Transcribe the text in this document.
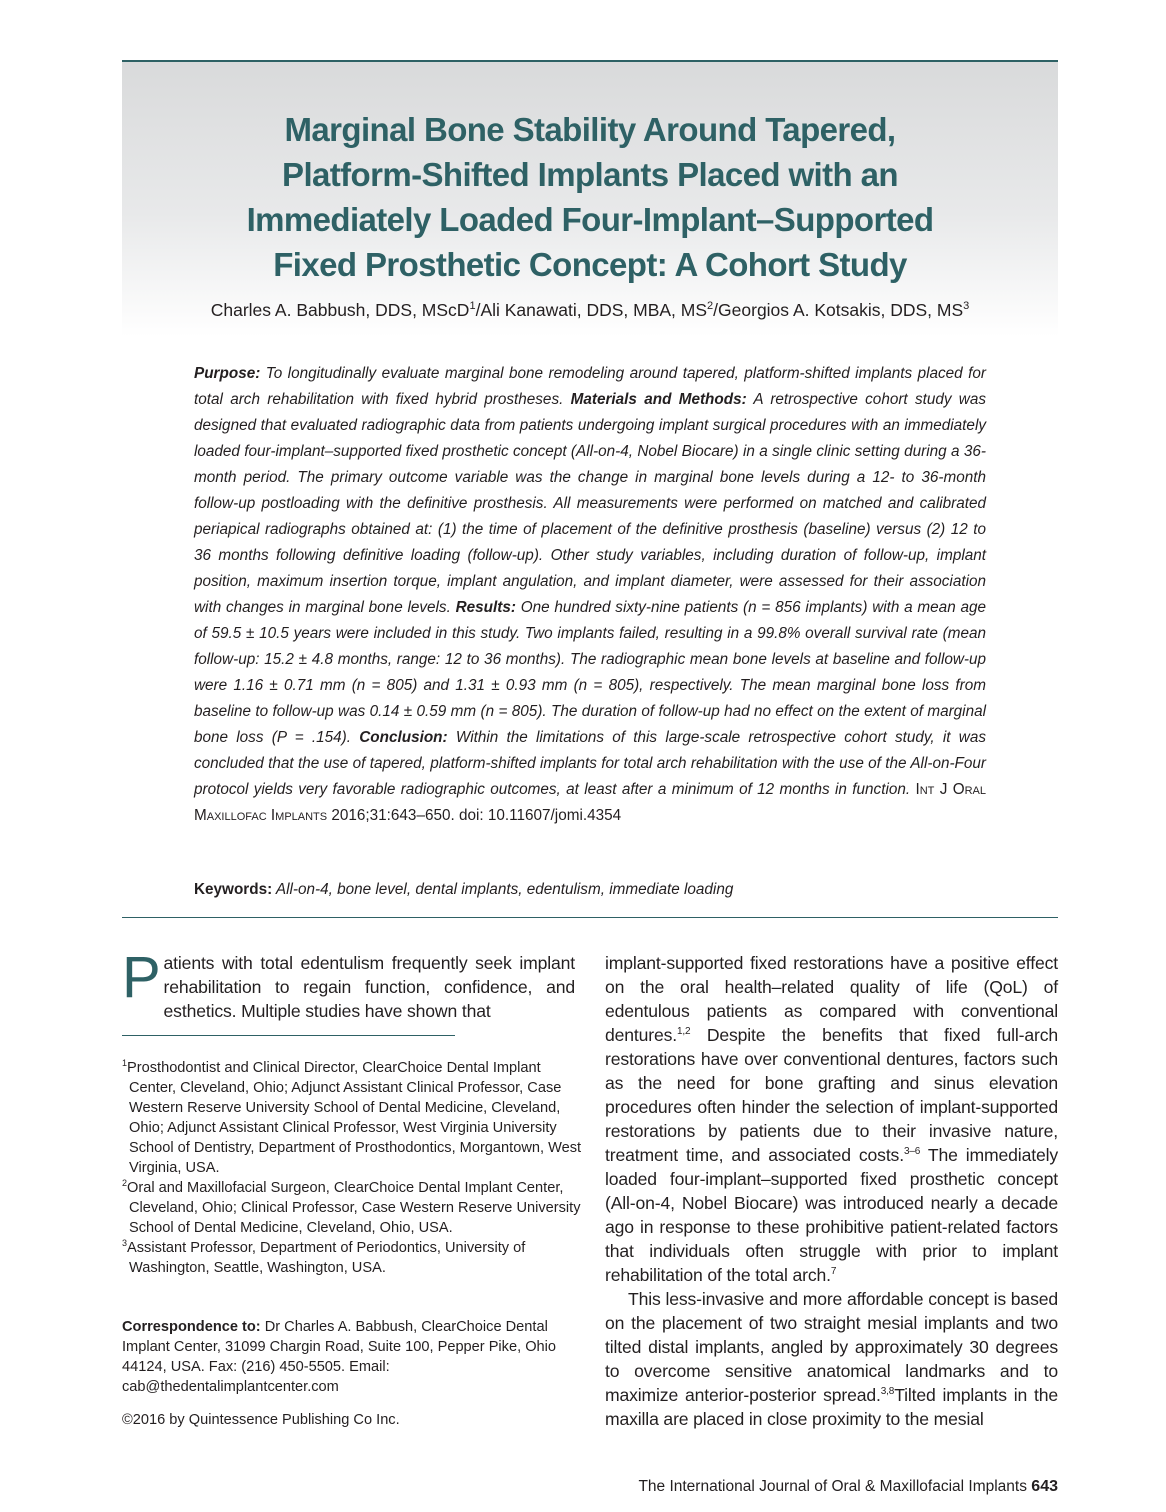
Marginal Bone Stability Around Tapered,
Platform-Shifted Implants Placed with an
Immediately Loaded Four-Implant–Supported
Fixed Prosthetic Concept: A Cohort Study
Charles A. Babbush, DDS, MScD$^1$/Ali Kanawati, DDS, MBA, $MS^2$/Georgios A. Kotsakis, DDS, $MS^3$

Purpose: To longitudinally evaluate marginal bone remodeling around tapered, platform-shifted implants placed for total arch rehabilitation with fixed hybrid prostheses. Materials and Methods: A retrospective cohort study was designed that evaluated radiographic data from patients undergoing implant surgical procedures with an immediately loaded four-implant–supported fixed prosthetic concept (All-on-4, Nobel Biocare) in a single clinic setting during a 36-month period. The primary outcome variable was the change in marginal bone levels during a 12- to 36-month follow-up postloading with the definitive prosthesis. All measurements were performed on matched and calibrated periapical radiographs obtained at: (1) the time of placement of the definitive prosthesis (baseline) versus (2) 12 to 36 months following definitive loading (follow-up). Other study variables, including duration of follow-up, implant position, maximum insertion torque, implant angulation, and implant diameter, were assessed for their association with changes in marginal bone levels. Results: One hundred sixty-nine patients (n = 856 implants) with a mean age of 59.5 ± 10.5 years were included in this study. Two implants failed, resulting in a 99.8% overall survival rate (mean follow-up: 15.2 ± 4.8 months, range: 12 to 36 months). The radiographic mean bone levels at baseline and follow-up were 1.16 ± 0.71 mm (n = 805) and 1.31 ± 0.93 mm (n = 805), respectively. The mean marginal bone loss from baseline to follow-up was 0.14 ± 0.59 mm (n = 805). The duration of follow-up had no effect on the extent of marginal bone loss (P = .154). Conclusion: Within the limitations of this large-scale retrospective cohort study, it was concluded that the use of tapered, platform-shifted implants for total arch rehabilitation with the use of the All-on-Four protocol yields very favorable radiographic outcomes, at least after a minimum of 12 months in function. Int J Oral Maxillofac Implants 2016;31:643–650. doi: 10.11607/jomi.4354

Keywords: All-on-4, bone level, dental implants, edentulism, immediate loading
Patients with total edentulism frequently seek implant rehabilitation to regain function, confidence, and esthetics. Multiple studies have shown that

$^1$Prosthodontist and Clinical Director, ClearChoice Dental Implant Center, Cleveland, Ohio; Adjunct Assistant Clinical Professor, Case Western Reserve University School of Dental Medicine, Cleveland, Ohio; Adjunct Assistant Clinical Professor, West Virginia University School of Dentistry, Department of Prosthodontics, Morgantown, West Virginia, USA.

$^2$Oral and Maxillofacial Surgeon, ClearChoice Dental Implant Center, Cleveland, Ohio; Clinical Professor, Case Western Reserve University School of Dental Medicine, Cleveland, Ohio, USA.

$^3$Assistant Professor, Department of Periodontics, University of Washington, Seattle, Washington, USA.

Correspondence to: Dr Charles A. Babbush, ClearChoice Dental Implant Center, 31099 Chargin Road, Suite 100, Pepper Pike, Ohio 44124, USA. Fax: (216) 450-5505. Email: cab@thedentalimplantcenter.com
©2016 by Quintessence Publishing Co Inc.

implant-supported fixed restorations have a positive effect on the oral health–related quality of life (QoL) of edentulous patients as compared with conventional dentures.$^{1,2}$ Despite the benefits that fixed full-arch restorations have over conventional dentures, factors such as the need for bone grafting and sinus elevation procedures often hinder the selection of implant-supported restorations by patients due to their invasive nature, treatment time, and associated costs.$^{3-6}$ The immediately loaded four-implant–supported fixed prosthetic concept (All-on-4, Nobel Biocare) was introduced nearly a decade ago in response to these prohibitive patient-related factors that individuals often struggle with prior to implant rehabilitation of the total arch.$^7$

This less-invasive and more affordable concept is based on the placement of two straight mesial implants and two tilted distal implants, angled by approximately 30 degrees to overcome sensitive anatomical landmarks and to maximize anterior-posterior spread.$^{3,8}$Tilted implants in the maxilla are placed in close proximity to the mesial

The International Journal of Oral & Maxillofacial Implants 643
